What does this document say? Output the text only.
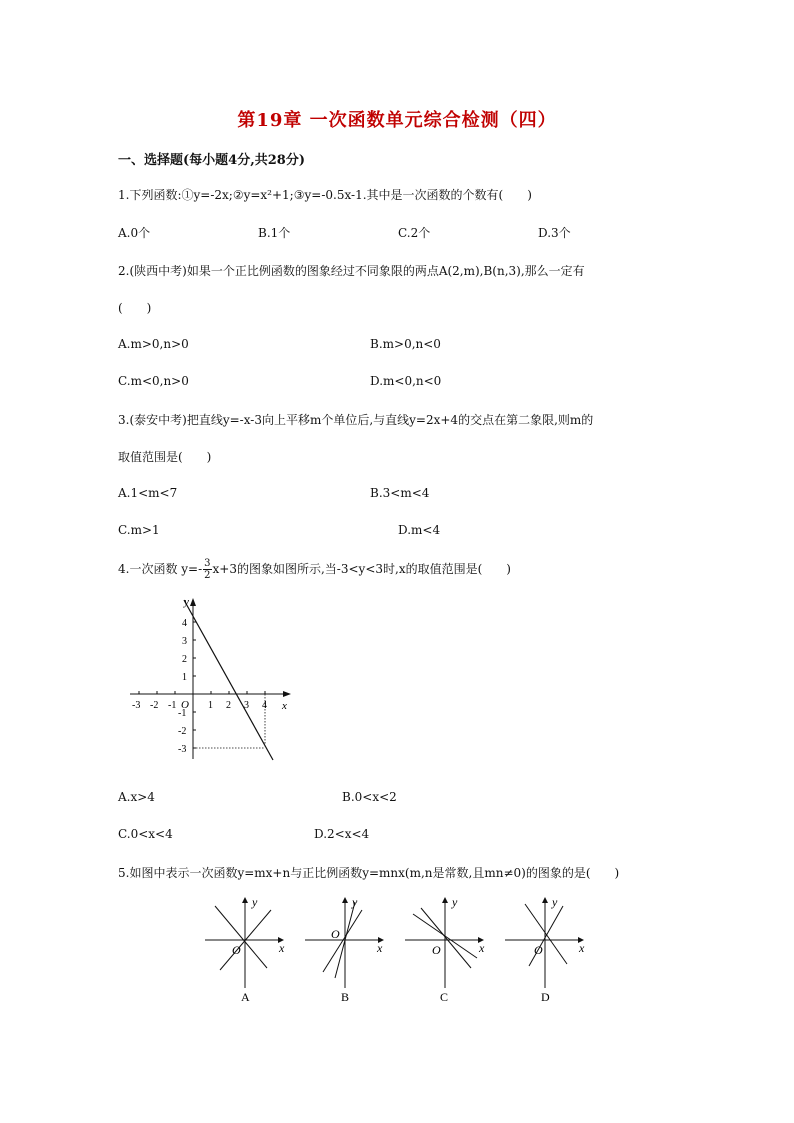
第19章 一次函数单元综合检测（四）
一、选择题(每小题4分,共28分)
1.下列函数:①y=-2x;②y=x²+1;③y=-0.5x-1.其中是一次函数的个数有(　　)
A.0个	B.1个	C.2个	D.3个
2.(陕西中考)如果一个正比例函数的图象经过不同象限的两点A(2,m),B(n,3),那么一定有
(　　)
A.m>0,n>0	B.m>0,n<0
C.m<0,n>0	D.m<0,n<0
3.(泰安中考)把直线y=-x-3向上平移m个单位后,与直线y=2x+4的交点在第二象限,则m的
取值范围是(　　)
A.1<m<7	B.3<m<4
C.m>1	D.m<4
4.一次函数 $y=- \frac{3}{2} x+3$的图象如图所示,当-3<y<3时,x的取值范围是(　　)
y
x
O
4
3
2
1
-1
-2
-3
-3 -2 -1	1 2 3 4
A.x>4	B.0<x<2
C.0<x<4	D.2<x<4
5.如图中表示一次函数y=mx+n与正比例函数y=mnx(m,n是常数,且mn≠0)的图象的是(　　)
y
x
O
A
y
x
O
B
y
x
O
C
y
x
O
D
